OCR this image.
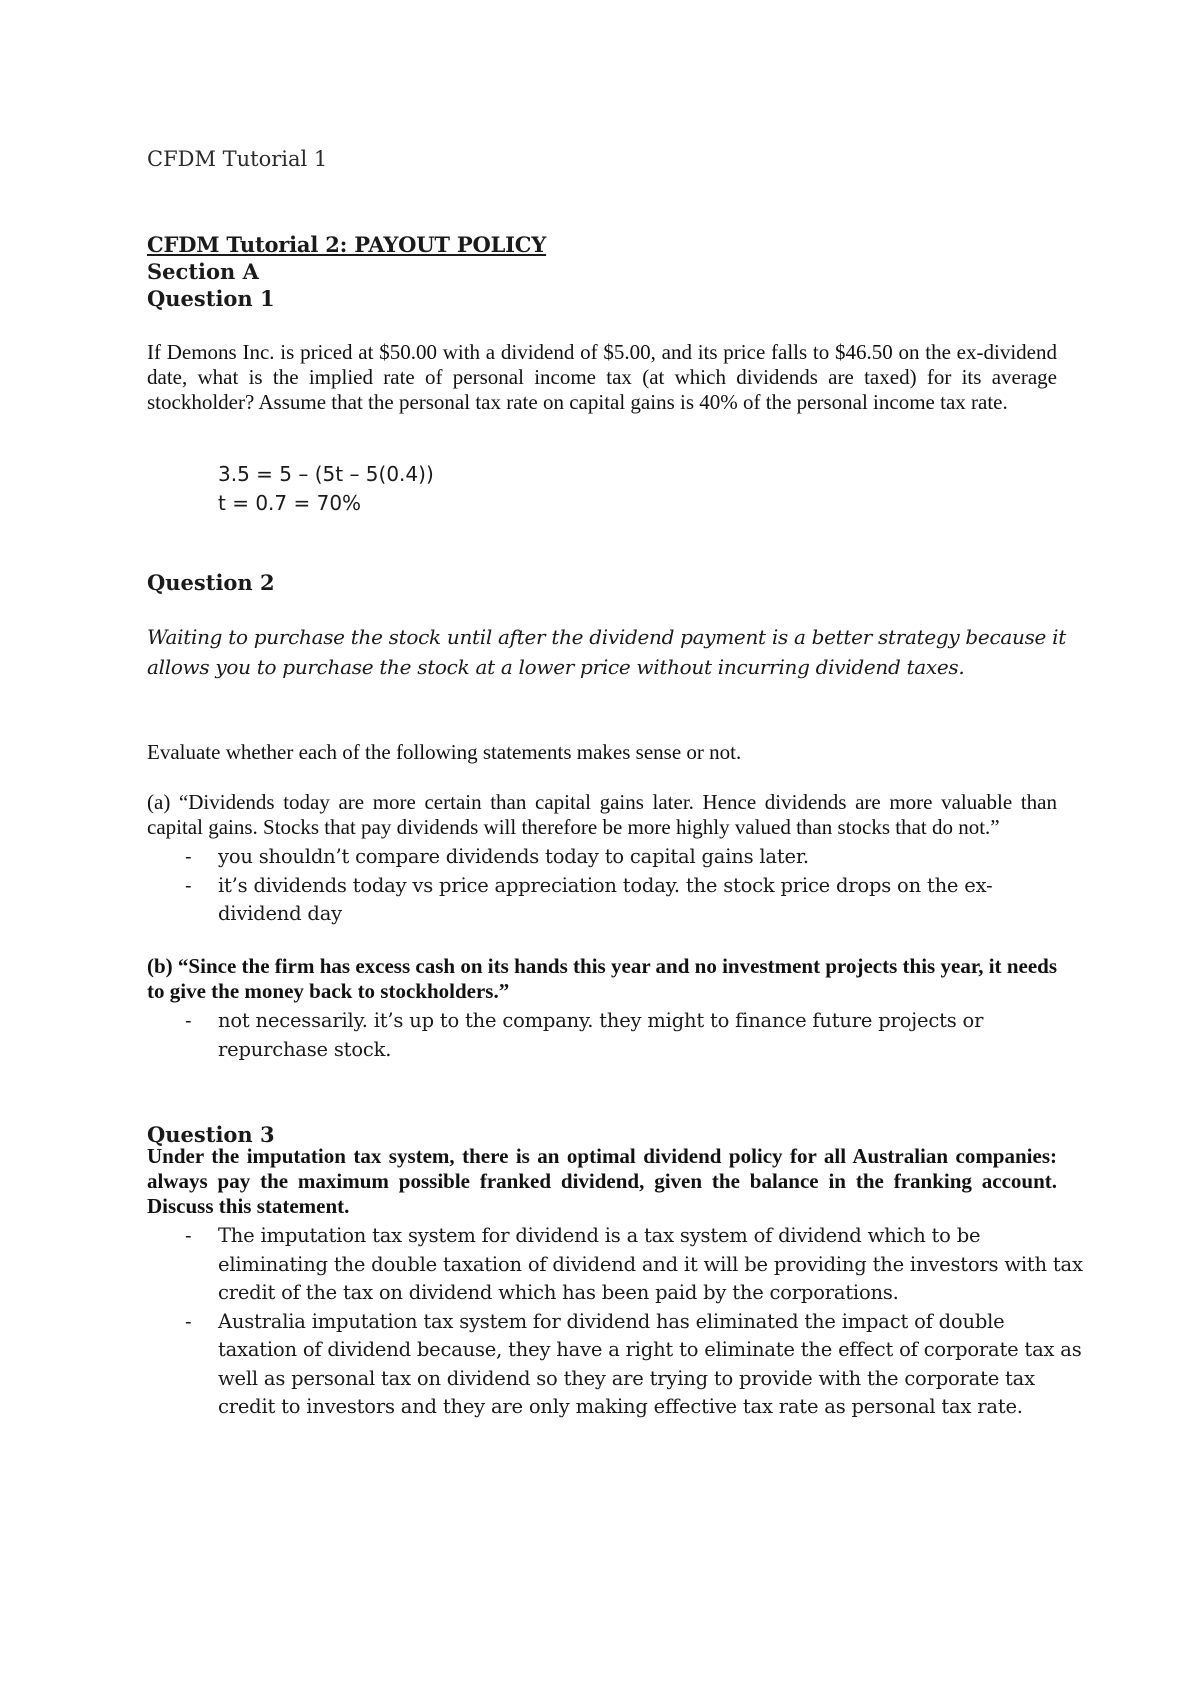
CFDM Tutorial 1

CFDM Tutorial 2: PAYOUT POLICY

Section A

Question 1

If Demons Inc. is priced at $50.00 with a dividend of $5.00, and its price falls to $46.50 on the ex-dividend date, what is the implied rate of personal income tax (at which dividends are taxed) for its average stockholder? Assume that the personal tax rate on capital gains is 40% of the personal income tax rate.

3.5 = 5 – (5t – 5(0.4))

t = 0.7 = 70%

Question 2

Waiting to purchase the stock until after the dividend payment is a better strategy because it allows you to purchase the stock at a lower price without incurring dividend taxes.

Evaluate whether each of the following statements makes sense or not.

(a) “Dividends today are more certain than capital gains later. Hence dividends are more valuable than capital gains. Stocks that pay dividends will therefore be more highly valued than stocks that do not.”

- you shouldn’t compare dividends today to capital gains later.
- it’s dividends today vs price appreciation today. the stock price drops on the ex-dividend day

(b) “Since the firm has excess cash on its hands this year and no investment projects this year, it needs to give the money back to stockholders.”

- not necessarily. it’s up to the company. they might to finance future projects or repurchase stock.

Question 3

Under the imputation tax system, there is an optimal dividend policy for all Australian companies: always pay the maximum possible franked dividend, given the balance in the franking account. Discuss this statement.

- The imputation tax system for dividend is a tax system of dividend which to be eliminating the double taxation of dividend and it will be providing the investors with tax credit of the tax on dividend which has been paid by the corporations.
- Australia imputation tax system for dividend has eliminated the impact of double taxation of dividend because, they have a right to eliminate the effect of corporate tax as well as personal tax on dividend so they are trying to provide with the corporate tax credit to investors and they are only making effective tax rate as personal tax rate.
